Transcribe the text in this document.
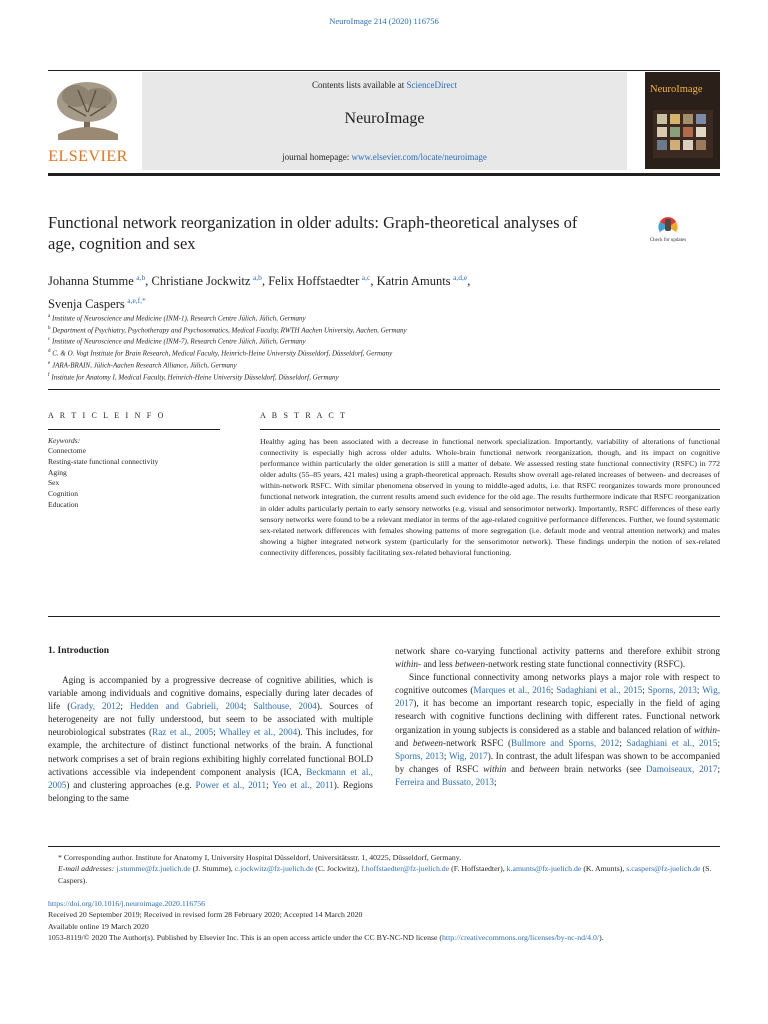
NeuroImage 214 (2020) 116756
ELSEVIER
Contents lists available at ScienceDirect
NeuroImage
journal homepage: www.elsevier.com/locate/neuroimage
NeuroImage
Functional network reorganization in older adults: Graph-theoretical analyses of age, cognition and sex	Check for updates
Johanna Stumme  $^{a,b}$, Christiane Jockwitz  $^{a,b}$, Felix Hoffstaedter  $^{a,c}$, Katrin Amunts  $^{a,d,e}$,
Svenja Caspers  $^{a,e,f,*}$
$^a$ Institute of Neuroscience and Medicine (INM-1), Research Centre Jülich, Jülich, Germany
$^b$ Department of Psychiatry, Psychotherapy and Psychosomatics, Medical Faculty, RWTH Aachen University, Aachen, Germany
$^c$ Institute of Neuroscience and Medicine (INM-7), Research Centre Jülich, Jülich, Germany
$^d$ C. & O. Vogt Institute for Brain Research, Medical Faculty, Heinrich-Heine University Düsseldorf, Düsseldorf, Germany
$^e$ JARA-BRAIN, Jülich-Aachen Research Alliance, Jülich, Germany
$^f$ Institute for Anatomy I, Medical Faculty, Heinrich-Heine University Düsseldorf, Düsseldorf, Germany
A R T I C L E I N F O	A B S T R A C T
Keywords:
Connectome
Resting-state functional connectivity
Aging
Sex
Cognition
Education
Healthy aging has been associated with a decrease in functional network specialization. Importantly, variability of alterations of functional connectivity is especially high across older adults. Whole-brain functional network reorganization, though, and its impact on cognitive performance within particularly the older generation is still a matter of debate. We assessed resting state functional connectivity (RSFC) in 772 older adults (55–85 years, 421 males) using a graph-theoretical approach. Results show overall age-related increases of between- and decreases of within-network RSFC. With similar phenomena observed in young to middle-aged adults, i.e. that RSFC reorganizes towards more pronounced functional network integration, the current results amend such evidence for the old age. The results furthermore indicate that RSFC reorganization in older adults particularly pertain to early sensory networks (e.g. visual and sensorimotor network). Importantly, RSFC differences of these early sensory networks were found to be a relevant mediator in terms of the age-related cognitive performance differences. Further, we found systematic sex-related network differences with females showing patterns of more segregation (i.e. default mode and ventral attention network) and males showing a higher integrated network system (particularly for the sensorimotor network). These findings underpin the notion of sex-related connectivity differences, possibly facilitating sex-related behavioral functioning.
1. Introduction
Aging is accompanied by a progressive decrease of cognitive abilities, which is variable among individuals and cognitive domains, especially during later decades of life (Grady, 2012; Hedden and Gabrieli, 2004; Salthouse, 2004). Sources of heterogeneity are not fully understood, but seem to be associated with multiple neurobiological substrates (Raz et al., 2005; Whalley et al., 2004). This includes, for example, the architecture of distinct functional networks of the brain. A functional network comprises a set of brain regions exhibiting highly correlated functional BOLD activations accessible via independent component analysis (ICA, Beckmann et al., 2005) and clustering approaches (e.g. Power et al., 2011; Yeo et al., 2011). Regions belonging to the same
network share co-varying functional activity patterns and therefore exhibit strong within- and less between-network resting state functional connectivity (RSFC).
Since functional connectivity among networks plays a major role with respect to cognitive outcomes (Marques et al., 2016; Sadaghiani et al., 2015; Sporns, 2013; Wig, 2017), it has become an important research topic, especially in the field of aging research with cognitive functions declining with different rates. Functional network organization in young subjects is considered as a stable and balanced relation of within- and between-network RSFC (Bullmore and Sporns, 2012; Sadaghiani et al., 2015; Sporns, 2013; Wig, 2017). In contrast, the adult lifespan was shown to be accompanied by changes of RSFC within and between brain networks (see Damoiseaux, 2017; Ferreira and Bussato, 2013;
* Corresponding author. Institute for Anatomy I, University Hospital Düsseldorf, Universitätsstr. 1, 40225, Düsseldorf, Germany.
E-mail addresses: j.stumme@fz.juelich.de (J. Stumme), c.jockwitz@fz-juelich.de (C. Jockwitz), f.hoffstaedter@fz-juelich.de (F. Hoffstaedter), k.amunts@fz-juelich.de (K. Amunts), s.caspers@fz-juelich.de (S. Caspers).
https://doi.org/10.1016/j.neuroimage.2020.116756
Received 20 September 2019; Received in revised form 28 February 2020; Accepted 14 March 2020
Available online 19 March 2020
1053-8119/© 2020 The Author(s). Published by Elsevier Inc. This is an open access article under the CC BY-NC-ND license (http://creativecommons.org/licenses/by-nc-nd/4.0/).
